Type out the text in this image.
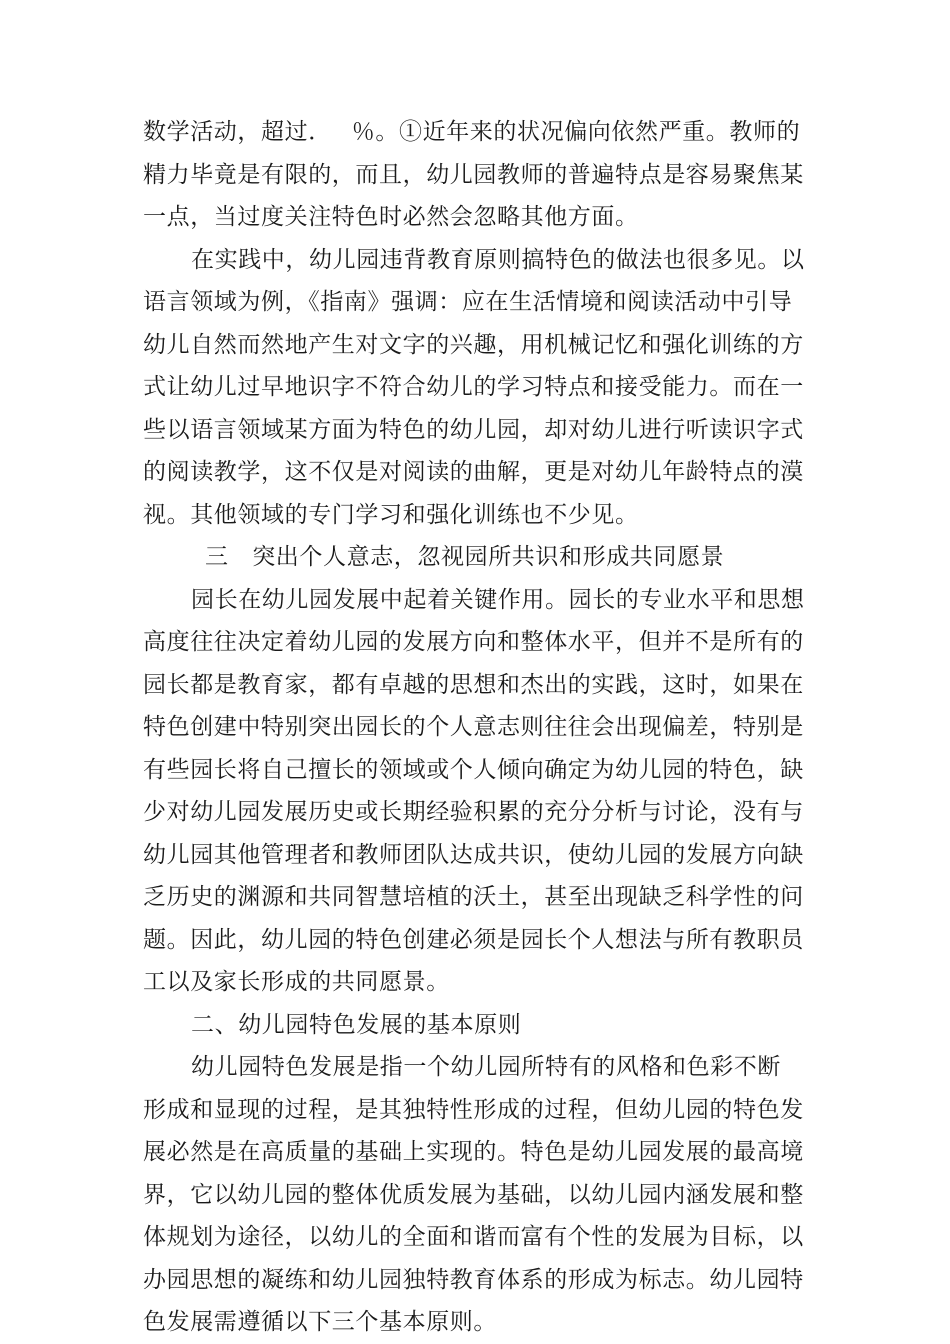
数学活动，超过．　 ％。①近年来的状况偏向依然严重。教师的
精力毕竟是有限的，而且，幼儿园教师的普遍特点是容易聚焦某
一点，当过度关注特色时必然会忽略其他方面。
在实践中，幼儿园违背教育原则搞特色的做法也很多见。以
语言领域为例，《指南》强调：应在生活情境和阅读活动中引导
幼儿自然而然地产生对文字的兴趣，用机械记忆和强化训练的方
式让幼儿过早地识字不符合幼儿的学习特点和接受能力。而在一
些以语言领域某方面为特色的幼儿园，却对幼儿进行听读识字式
的阅读教学，这不仅是对阅读的曲解，更是对幼儿年龄特点的漠
视。其他领域的专门学习和强化训练也不少见。
三　突出个人意志，忽视园所共识和形成共同愿景
园长在幼儿园发展中起着关键作用。园长的专业水平和思想
高度往往决定着幼儿园的发展方向和整体水平，但并不是所有的
园长都是教育家，都有卓越的思想和杰出的实践，这时，如果在
特色创建中特别突出园长的个人意志则往往会出现偏差，特别是
有些园长将自己擅长的领域或个人倾向确定为幼儿园的特色，缺
少对幼儿园发展历史或长期经验积累的充分分析与讨论，没有与
幼儿园其他管理者和教师团队达成共识，使幼儿园的发展方向缺
乏历史的渊源和共同智慧培植的沃土，甚至出现缺乏科学性的问
题。因此，幼儿园的特色创建必须是园长个人想法与所有教职员
工以及家长形成的共同愿景。
二、幼儿园特色发展的基本原则
幼儿园特色发展是指一个幼儿园所特有的风格和色彩不断
形成和显现的过程，是其独特性形成的过程，但幼儿园的特色发
展必然是在高质量的基础上实现的。特色是幼儿园发展的最高境
界，它以幼儿园的整体优质发展为基础，以幼儿园内涵发展和整
体规划为途径，以幼儿的全面和谐而富有个性的发展为目标，以
办园思想的凝练和幼儿园独特教育体系的形成为标志。幼儿园特
色发展需遵循以下三个基本原则。
